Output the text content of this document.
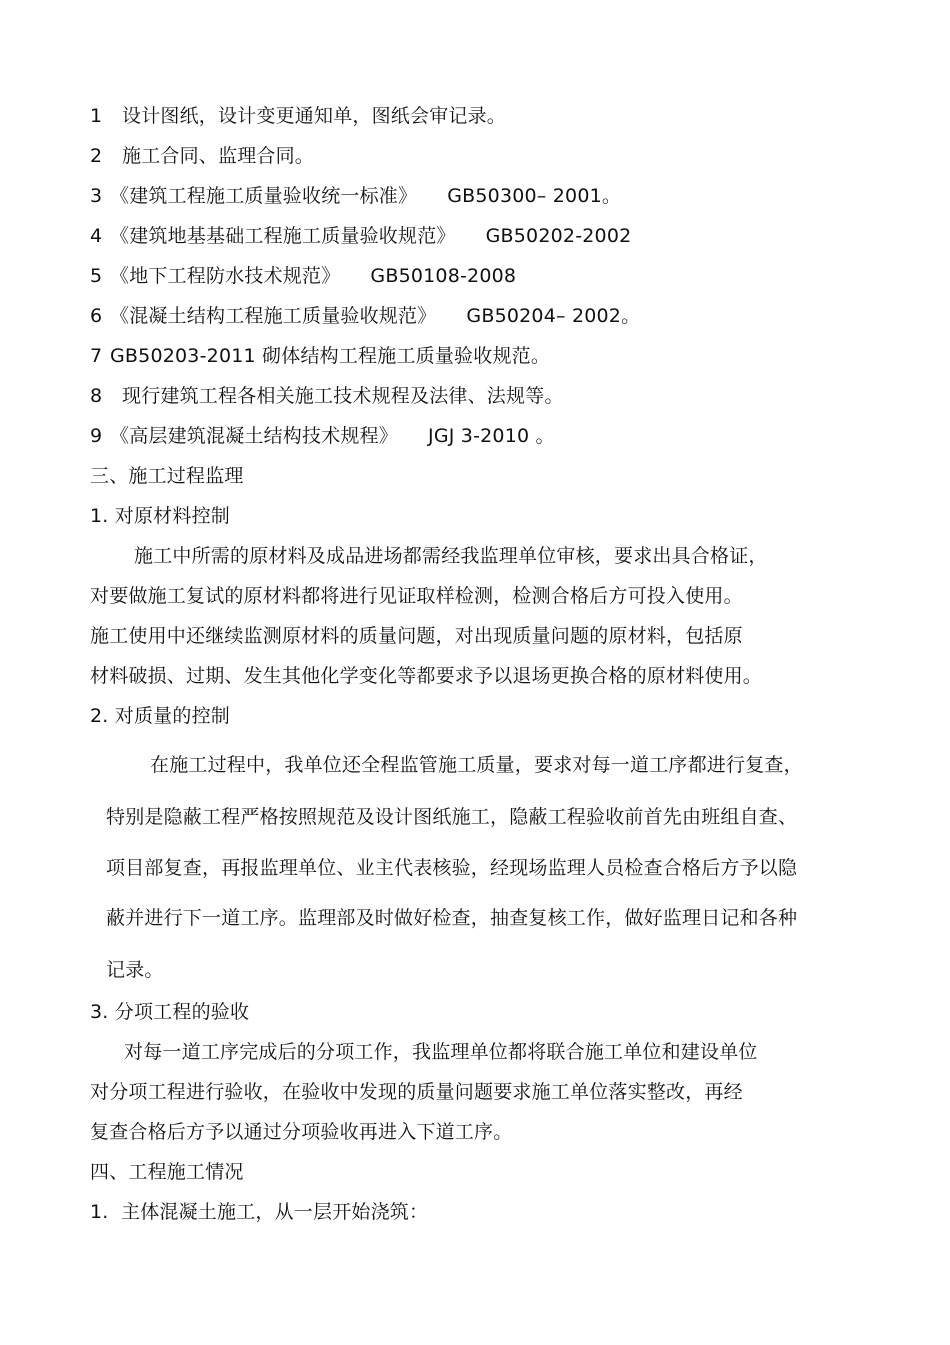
1 设计图纸，设计变更通知单，图纸会审记录。
2 施工合同、监理合同。
3 《建筑工程施工质量验收统一标准》 GB50300– 2001。
4 《建筑地基基础工程施工质量验收规范》 GB50202-2002
5 《地下工程防水技术规范》 GB50108-2008
6 《混凝土结构工程施工质量验收规范》 GB50204– 2002。
7 GB50203-2011 砌体结构工程施工质量验收规范。
8 现行建筑工程各相关施工技术规程及法律、法规等。
9 《高层建筑混凝土结构技术规程》 JGJ 3-2010 。
三、施工过程监理
1. 对原材料控制
施工中所需的原材料及成品进场都需经我监理单位审核，要求出具合格证，
对要做施工复试的原材料都将进行见证取样检测，检测合格后方可投入使用。
施工使用中还继续监测原材料的质量问题，对出现质量问题的原材料，包括原
材料破损、过期、发生其他化学变化等都要求予以退场更换合格的原材料使用。
2. 对质量的控制
在施工过程中，我单位还全程监管施工质量，要求对每一道工序都进行复查，
特别是隐蔽工程严格按照规范及设计图纸施工，隐蔽工程验收前首先由班组自查、
项目部复查，再报监理单位、业主代表核验，经现场监理人员检查合格后方予以隐
蔽并进行下一道工序。监理部及时做好检查，抽查复核工作，做好监理日记和各种
记录。
3. 分项工程的验收
对每一道工序完成后的分项工作，我监理单位都将联合施工单位和建设单位
对分项工程进行验收，在验收中发现的质量问题要求施工单位落实整改，再经
复查合格后方予以通过分项验收再进入下道工序。
四、工程施工情况
1.  主体混凝土施工，从一层开始浇筑：
